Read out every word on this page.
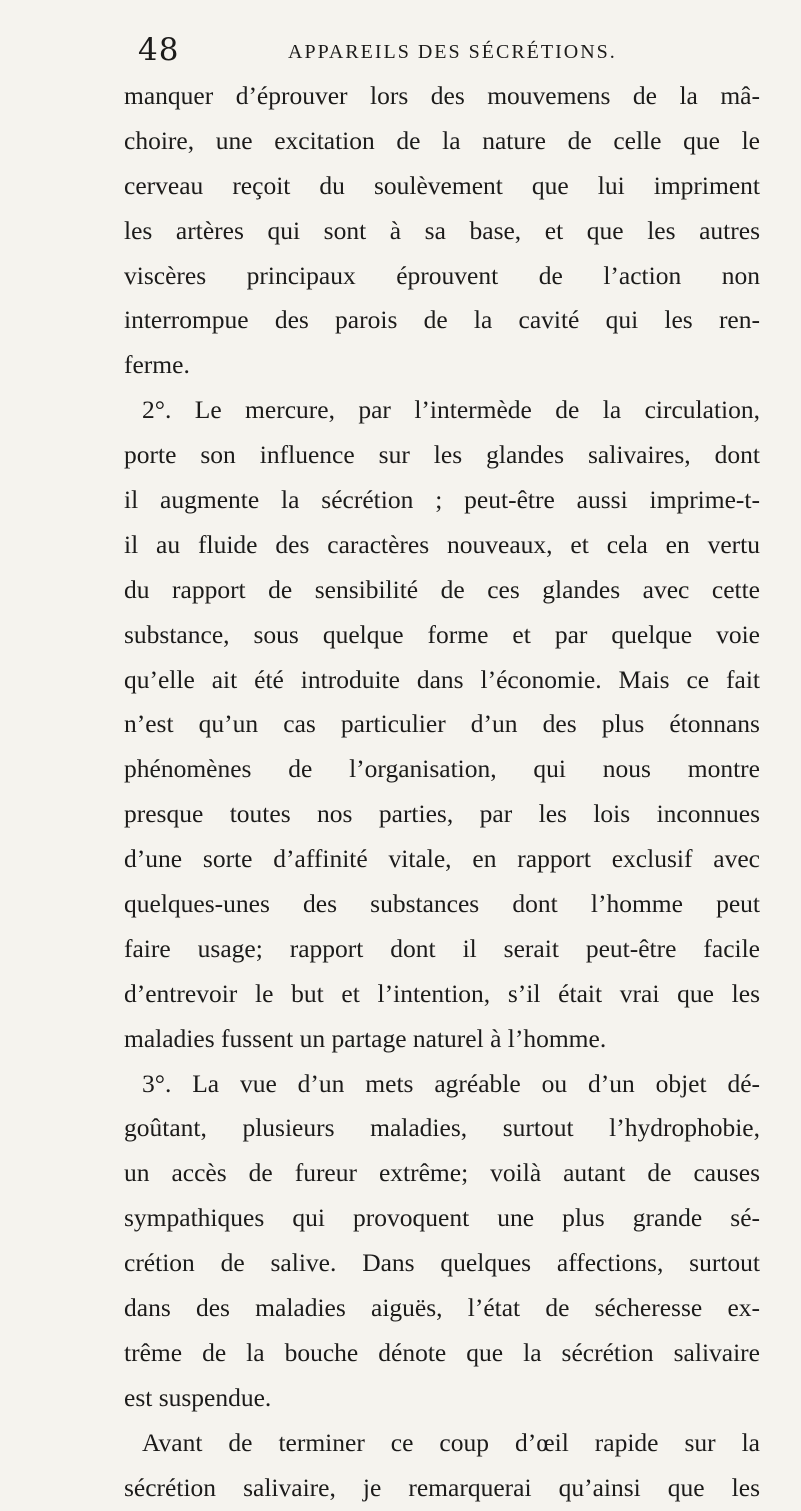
48	APPAREILS DES SÉCRÉTIONS.
manquer d’éprouver lors des mouvemens de la mâ-
choire, une excitation de la nature de celle que le
cerveau reçoit du soulèvement que lui impriment
les artères qui sont à sa base, et que les autres
viscères principaux éprouvent de l’action non
interrompue des parois de la cavité qui les ren-
ferme.
2°. Le mercure, par l’intermède de la circulation,
porte son influence sur les glandes salivaires, dont
il augmente la sécrétion ; peut-être aussi imprime-t-
il au fluide des caractères nouveaux, et cela en vertu
du rapport de sensibilité de ces glandes avec cette
substance, sous quelque forme et par quelque voie
qu’elle ait été introduite dans l’économie. Mais ce fait
n’est qu’un cas particulier d’un des plus étonnans
phénomènes de l’organisation, qui nous montre
presque toutes nos parties, par les lois inconnues
d’une sorte d’affinité vitale, en rapport exclusif avec
quelques-unes des substances dont l’homme peut
faire usage; rapport dont il serait peut-être facile
d’entrevoir le but et l’intention, s’il était vrai que les
maladies fussent un partage naturel à l’homme.
3°. La vue d’un mets agréable ou d’un objet dé-
goûtant, plusieurs maladies, surtout l’hydrophobie,
un accès de fureur extrême; voilà autant de causes
sympathiques qui provoquent une plus grande sé-
crétion de salive. Dans quelques affections, surtout
dans des maladies aiguës, l’état de sécheresse ex-
trême de la bouche dénote que la sécrétion salivaire
est suspendue.
Avant de terminer ce coup d’œil rapide sur la
sécrétion salivaire, je remarquerai qu’ainsi que les
